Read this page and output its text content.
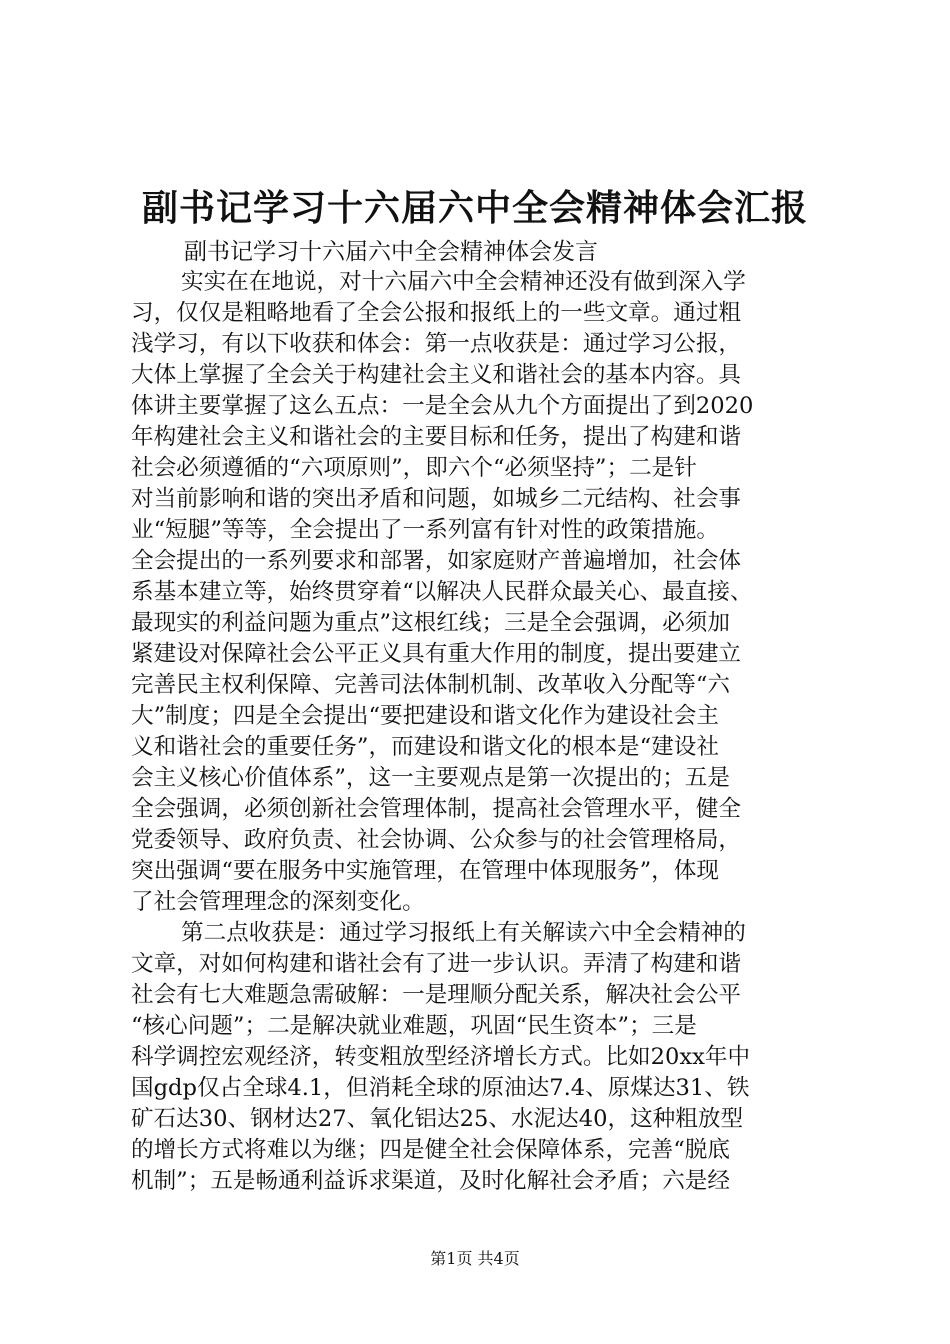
副书记学习十六届六中全会精神体会汇报
副书记学习十六届六中全会精神体会发言
实实在在地说，对十六届六中全会精神还没有做到深入学
习，仅仅是粗略地看了全会公报和报纸上的一些文章。通过粗
浅学习，有以下收获和体会：第一点收获是：通过学习公报，
大体上掌握了全会关于构建社会主义和谐社会的基本内容。具
体讲主要掌握了这么五点：一是全会从九个方面提出了到2020
年构建社会主义和谐社会的主要目标和任务，提出了构建和谐
社会必须遵循的“六项原则”，即六个“必须坚持”；二是针
对当前影响和谐的突出矛盾和问题，如城乡二元结构、社会事
业“短腿”等等，全会提出了一系列富有针对性的政策措施。
全会提出的一系列要求和部署，如家庭财产普遍增加，社会体
系基本建立等，始终贯穿着“以解决人民群众最关心、最直接、
最现实的利益问题为重点”这根红线；三是全会强调，必须加
紧建设对保障社会公平正义具有重大作用的制度，提出要建立
完善民主权利保障、完善司法体制机制、改革收入分配等“六
大”制度；四是全会提出“要把建设和谐文化作为建设社会主
义和谐社会的重要任务”，而建设和谐文化的根本是“建设社
会主义核心价值体系”，这一主要观点是第一次提出的；五是
全会强调，必须创新社会管理体制，提高社会管理水平，健全
党委领导、政府负责、社会协调、公众参与的社会管理格局，
突出强调“要在服务中实施管理，在管理中体现服务”，体现
了社会管理理念的深刻变化。
第二点收获是：通过学习报纸上有关解读六中全会精神的
文章，对如何构建和谐社会有了进一步认识。弄清了构建和谐
社会有七大难题急需破解：一是理顺分配关系，解决社会公平
“核心问题”；二是解决就业难题，巩固“民生资本”；三是
科学调控宏观经济，转变粗放型经济增长方式。比如20xx年中
国gdp仅占全球4.1，但消耗全球的原油达7.4、原煤达31、铁
矿石达30、钢材达27、氧化铝达25、水泥达40，这种粗放型
的增长方式将难以为继；四是健全社会保障体系，完善“脱底
机制”；五是畅通利益诉求渠道，及时化解社会矛盾；六是经
第1页 共4页
